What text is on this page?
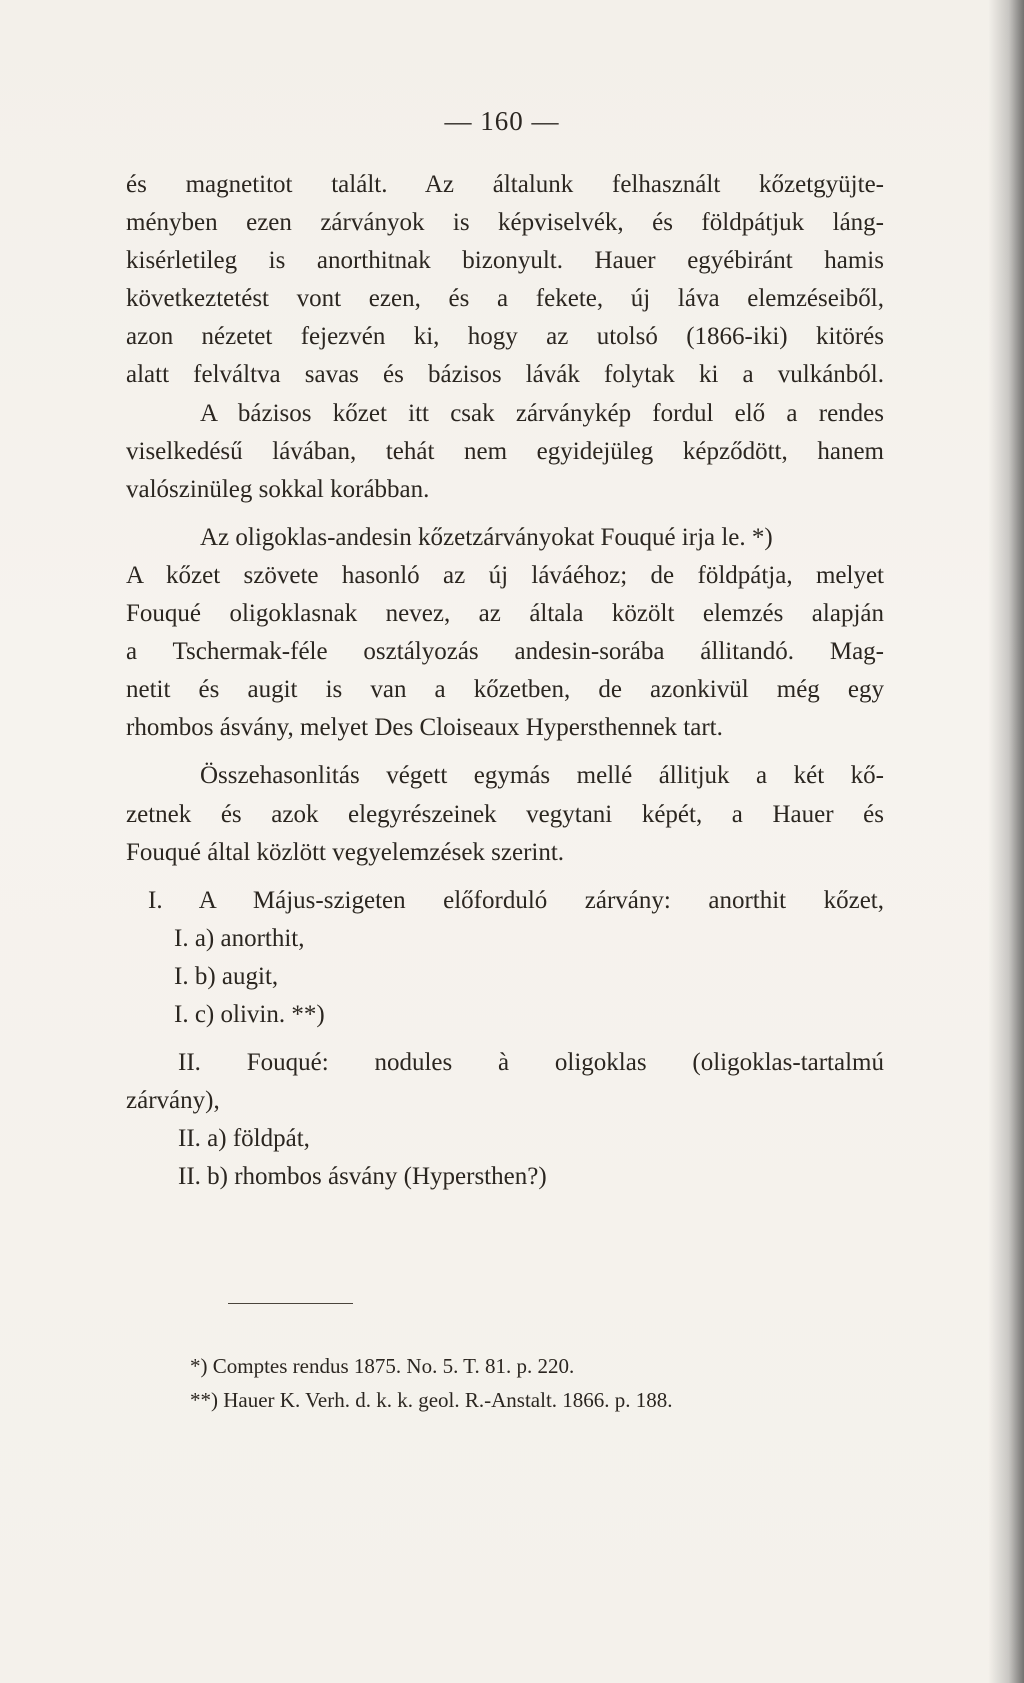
— 160 —
és magnetitot talált. Az általunk felhasznált kőzetgyüjte-
ményben ezen zárványok is képviselvék, és földpátjuk láng-
kisérletileg is anorthitnak bizonyult. Hauer egyébiránt hamis
következtetést vont ezen, és a fekete, új láva elemzéseiből,
azon nézetet fejezvén ki, hogy az utolsó (1866-iki) kitörés
alatt felváltva savas és bázisos lávák folytak ki a vulkánból.
A bázisos kőzet itt csak zárványkép fordul elő a rendes
viselkedésű lávában, tehát nem egyidejüleg képződött, hanem
valószinüleg sokkal korábban.
Az oligoklas-andesin kőzetzárványokat Fouqué irja le. *)
A kőzet szövete hasonló az új láváéhoz; de földpátja, melyet
Fouqué oligoklasnak nevez, az általa közölt elemzés alapján
a Tschermak-féle osztályozás andesin-sorába állitandó. Mag-
netit és augit is van a kőzetben, de azonkivül még egy
rhombos ásvány, melyet Des Cloiseaux Hypersthennek tart.
Összehasonlitás végett egymás mellé állitjuk a két kő-
zetnek és azok elegyrészeinek vegytani képét, a Hauer és
Fouqué által közlött vegyelemzések szerint.
I. A Május-szigeten előforduló zárvány: anorthit kőzet,
I. a) anorthit,
I. b) augit,
I. c) olivin. **)
II. Fouqué: nodules à oligoklas (oligoklas-tartalmú
zárvány),
II. a) földpát,
II. b) rhombos ásvány (Hypersthen?)
*) Comptes rendus 1875. No. 5. T. 81. p. 220.
**) Hauer K. Verh. d. k. k. geol. R.-Anstalt. 1866. p. 188.
